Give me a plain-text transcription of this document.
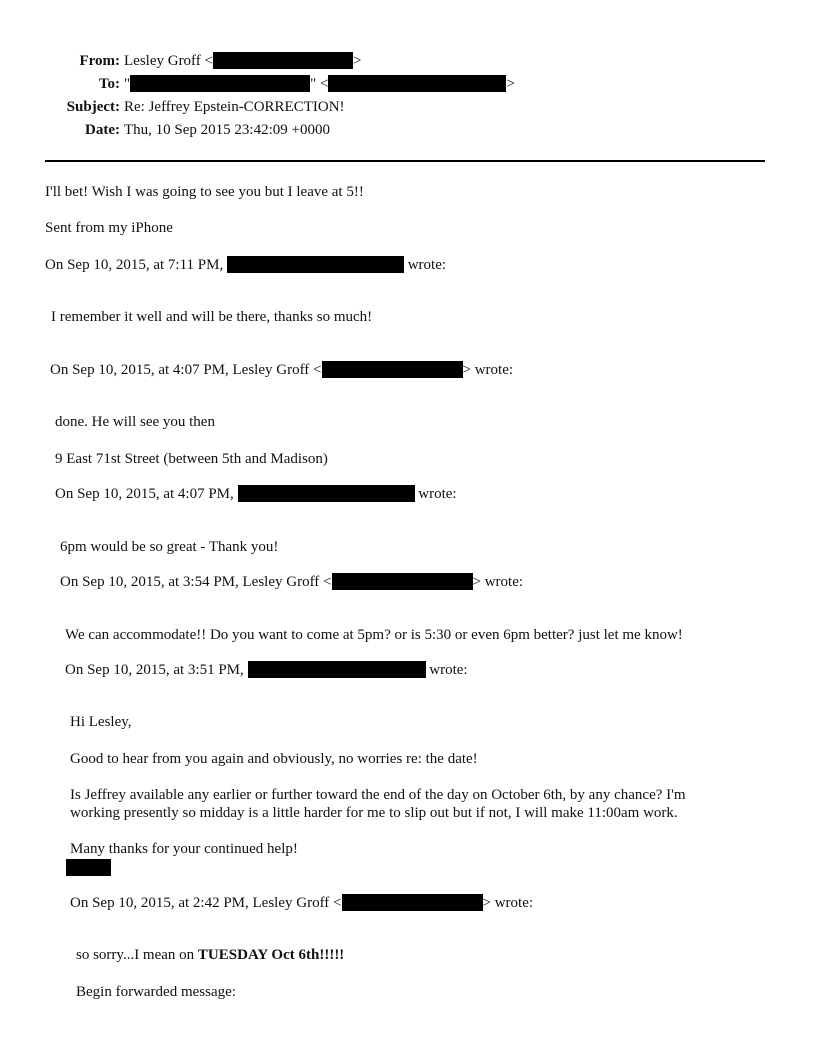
From: Lesley Groff <	>
To: "	" <	>
Subject: Re: Jeffrey Epstein-CORRECTION!
Date: Thu, 10 Sep 2015 23:42:09 +0000
I'll bet! Wish I was going to see you but I leave at 5!!
Sent from my iPhone
On Sep 10, 2015, at 7:11 PM,	wrote:
I remember it well and will be there, thanks so much!
On Sep 10, 2015, at 4:07 PM, Lesley Groff <	> wrote:
done. He will see you then
9 East 71st Street (between 5th and Madison)
On Sep 10, 2015, at 4:07 PM,	wrote:
6pm would be so great - Thank you!
On Sep 10, 2015, at 3:54 PM, Lesley Groff <	> wrote:
We can accommodate!! Do you want to come at 5pm? or is 5:30 or even 6pm better? just let me know!
On Sep 10, 2015, at 3:51 PM,	wrote:
Hi Lesley,
Good to hear from you again and obviously, no worries re: the date!
Is Jeffrey available any earlier or further toward the end of the day on October 6th, by any chance? I'm
working presently so midday is a little harder for me to slip out but if not, I will make 11:00am work.
Many thanks for your continued help!
On Sep 10, 2015, at 2:42 PM, Lesley Groff <	> wrote:
so sorry...I mean on TUESDAY Oct 6th!!!!!
Begin forwarded message:
